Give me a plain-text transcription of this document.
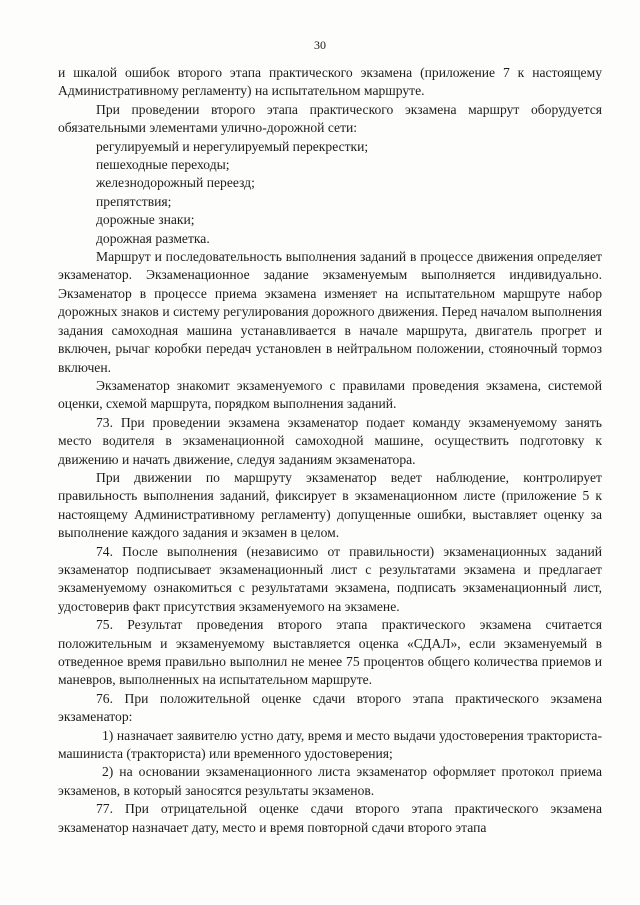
30

и шкалой ошибок второго этапа практического экзамена (приложение 7 к настоящему Административному регламенту) на испытательном маршруте.

При проведении второго этапа практического экзамена маршрут оборудуется обязательными элементами улично-дорожной сети:

регулируемый и нерегулируемый перекрестки;
пешеходные переходы;
железнодорожный переезд;
препятствия;
дорожные знаки;
дорожная разметка.

Маршрут и последовательность выполнения заданий в процессе движения определяет экзаменатор. Экзаменационное задание экзаменуемым выполняется индивидуально. Экзаменатор в процессе приема экзамена изменяет на испытательном маршруте набор дорожных знаков и систему регулирования дорожного движения. Перед началом выполнения задания самоходная машина устанавливается в начале маршрута, двигатель прогрет и включен, рычаг коробки передач установлен в нейтральном положении, стояночный тормоз включен.

Экзаменатор знакомит экзаменуемого с правилами проведения экзамена, системой оценки, схемой маршрута, порядком выполнения заданий.

73. При проведении экзамена экзаменатор подает команду экзаменуемому занять место водителя в экзаменационной самоходной машине, осуществить подготовку к движению и начать движение, следуя заданиям экзаменатора.

При движении по маршруту экзаменатор ведет наблюдение, контролирует правильность выполнения заданий, фиксирует в экзаменационном листе (приложение 5 к настоящему Административному регламенту) допущенные ошибки, выставляет оценку за выполнение каждого задания и экзамен в целом.

74. После выполнения (независимо от правильности) экзаменационных заданий экзаменатор подписывает экзаменационный лист с результатами экзамена и предлагает экзаменуемому ознакомиться с результатами экзамена, подписать экзаменационный лист, удостоверив факт присутствия экзаменуемого на экзамене.

75. Результат проведения второго этапа практического экзамена считается положительным и экзаменуемому выставляется оценка «СДАЛ», если экзаменуемый в отведенное время правильно выполнил не менее 75 процентов общего количества приемов и маневров, выполненных на испытательном маршруте.

76. При положительной оценке сдачи второго этапа практического экзамена экзаменатор:

1) назначает заявителю устно дату, время и место выдачи удостоверения тракториста-машиниста (тракториста) или временного удостоверения;

2) на основании экзаменационного листа экзаменатор оформляет протокол приема экзаменов, в который заносятся результаты экзаменов.

77. При отрицательной оценке сдачи второго этапа практического экзамена экзаменатор назначает дату, место и время повторной сдачи второго этапа
